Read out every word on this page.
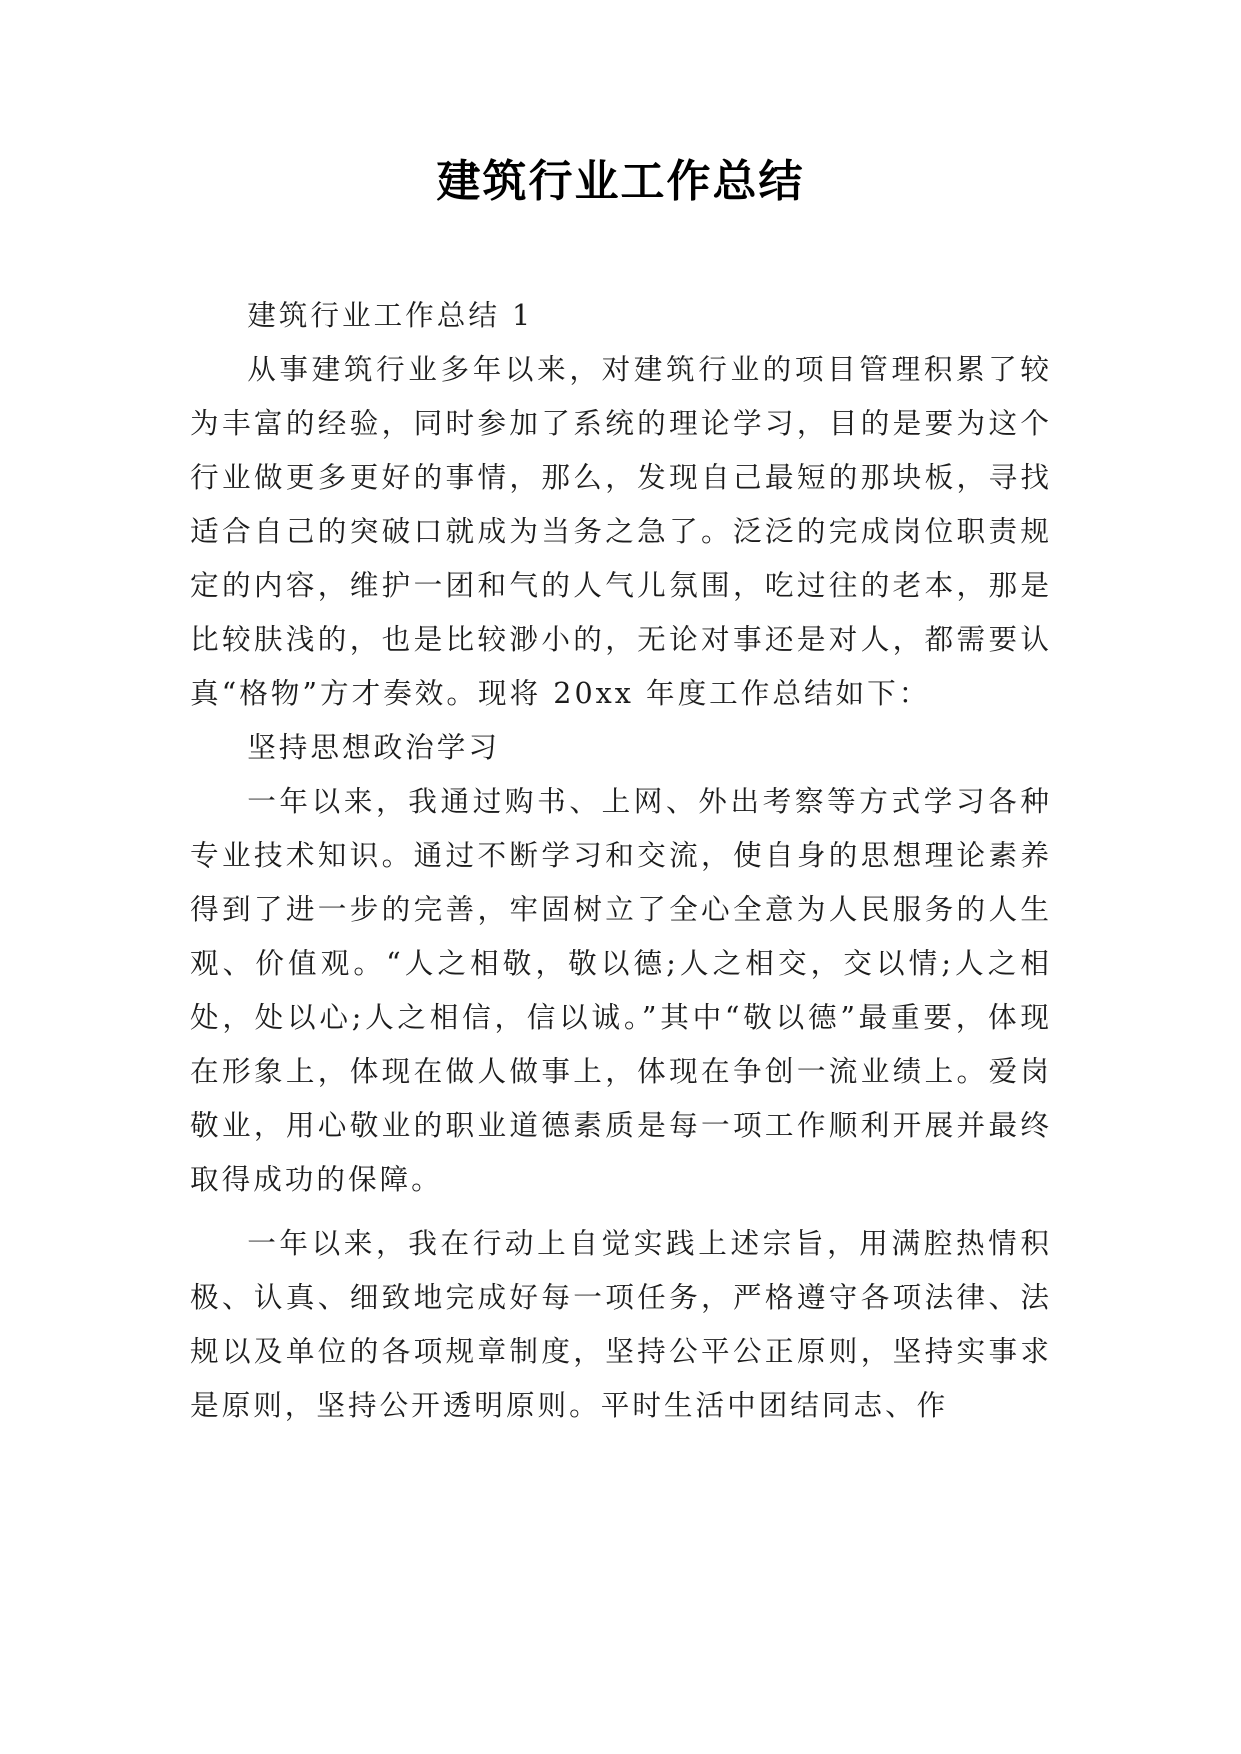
建筑行业工作总结

建筑行业工作总结 1

从事建筑行业多年以来，对建筑行业的项目管理积累了较为丰富的经验，同时参加了系统的理论学习，目的是要为这个行业做更多更好的事情，那么，发现自己最短的那块板，寻找适合自己的突破口就成为当务之急了。泛泛的完成岗位职责规定的内容，维护一团和气的人气儿氛围，吃过往的老本，那是比较肤浅的，也是比较渺小的，无论对事还是对人，都需要认真“格物”方才奏效。现将 20xx 年度工作总结如下：

坚持思想政治学习

一年以来，我通过购书、上网、外出考察等方式学习各种专业技术知识。通过不断学习和交流，使自身的思想理论素养得到了进一步的完善，牢固树立了全心全意为人民服务的人生观、价值观。“人之相敬，敬以德;人之相交，交以情;人之相处，处以心;人之相信，信以诚。”其中“敬以德”最重要，体现在形象上，体现在做人做事上，体现在争创一流业绩上。爱岗敬业，用心敬业的职业道德素质是每一项工作顺利开展并最终取得成功的保障。

一年以来，我在行动上自觉实践上述宗旨，用满腔热情积极、认真、细致地完成好每一项任务，严格遵守各项法律、法规以及单位的各项规章制度，坚持公平公正原则，坚持实事求是原则，坚持公开透明原则。平时生活中团结同志、作
